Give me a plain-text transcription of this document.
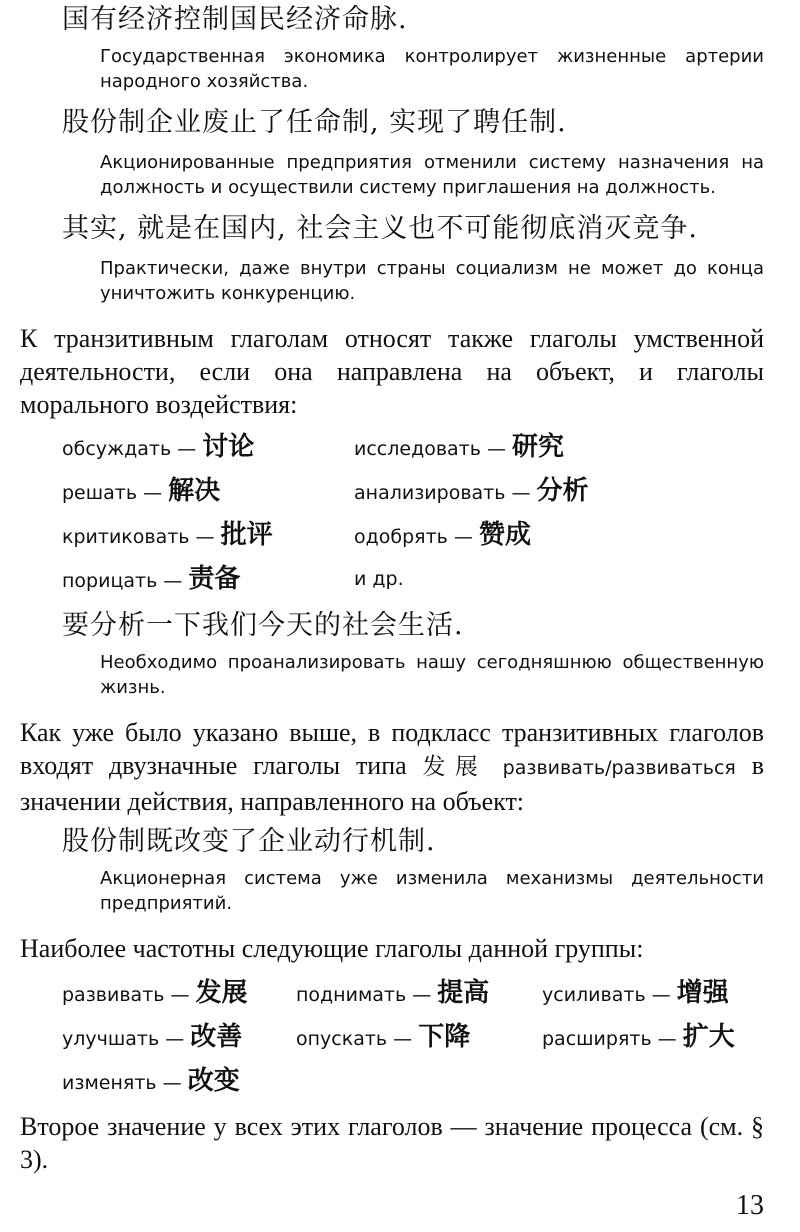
国有经济控制国民经济命脉.
Государственная экономика контролирует жизненные артерии народного хозяйства.
股份制企业废止了任命制, 实现了聘任制.
Акционированные предприятия отменили систему назначения на должность и осуществили систему приглашения на должность.
其实, 就是在国内, 社会主义也不可能彻底消灭竞争.
Практически, даже внутри страны социализм не может до конца уничтожить конкуренцию.
К транзитивным глаголам относят также глаголы умственной деятельности, если она направлена на объект, и глаголы морального воздействия:
обсуждать — 讨论	исследовать — 研究
решать — 解决	анализировать — 分析
критиковать — 批评	одобрять — 赞成
порицать — 责备	и др.
要分析一下我们今天的社会生活.
Необходимо проанализировать нашу сегодняшнюю общественную жизнь.
Как уже было указано выше, в подкласс транзитивных глаголов входят двузначные глаголы типа 发展 развивать/развиваться в значении действия, направленного на объект:
股份制既改变了企业动行机制.
Акционерная система уже изменила механизмы деятельности предприятий.
Наиболее частотны следующие глаголы данной группы:
развивать — 发展	поднимать — 提高	усиливать — 增强
улучшать — 改善	опускать — 下降	расширять — 扩大
изменять — 改变
Второе значение у всех этих глаголов — значение процесса (см. § 3).
13
